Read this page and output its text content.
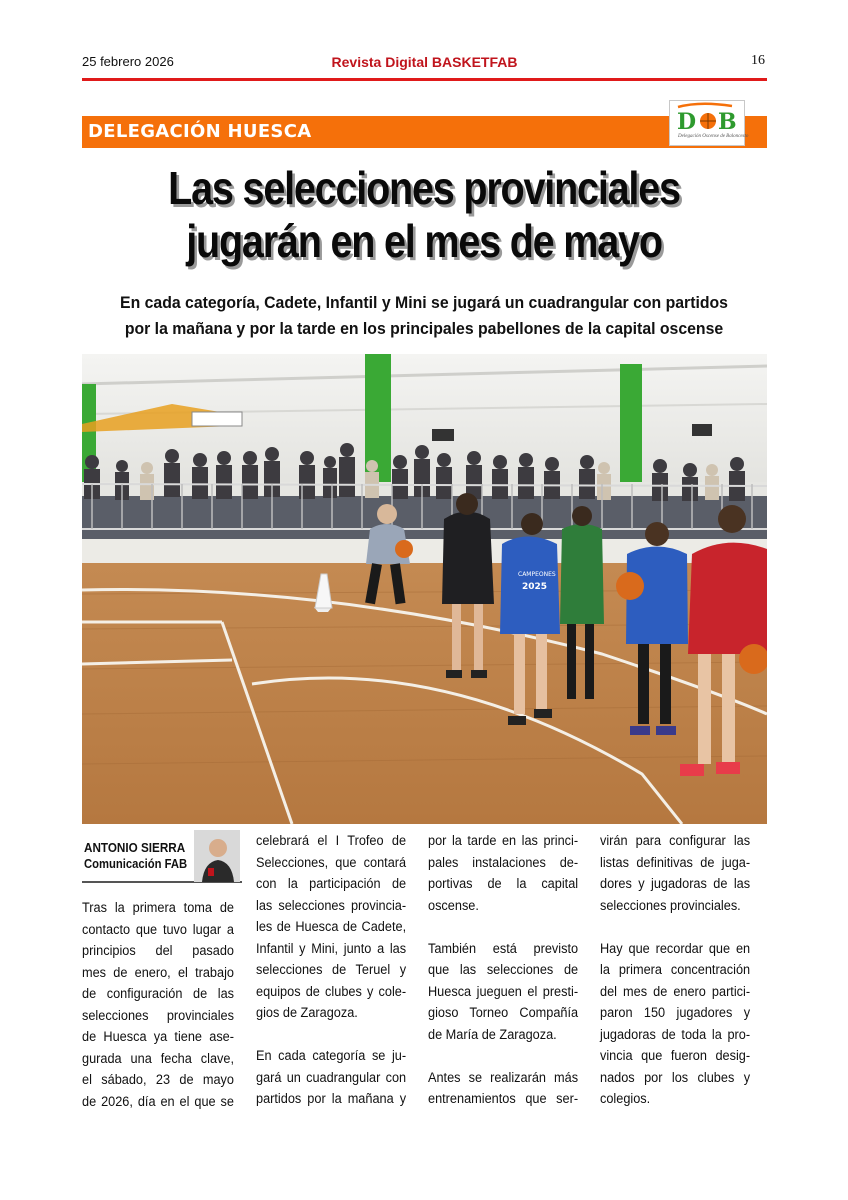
25 febrero 2026	Revista Digital BASKETFAB	16
DELEGACIÓN HUESCA	D B
Delegación Oscense de Baloncesto
Las selecciones provinciales
jugarán en el mes de mayo
En cada categoría, Cadete, Infantil y Mini se jugará un cuadrangular con partidos
por la mañana y por la tarde en los principales pabellones de la capital oscense
CAMPEONES
2025
ANTONIO SIERRA
Comunicación FAB
Tras la primera toma de
contacto que tuvo lugar a
principios del pasado
mes de enero, el trabajo
de configuración de las
selecciones provinciales
de Huesca ya tiene ase-
gurada una fecha clave,
el sábado, 23 de mayo
de 2026, día en el que se
celebrará el I Trofeo de
Selecciones, que contará
con la participación de
las selecciones provincia-
les de Huesca de Cadete,
Infantil y Mini, junto a las
selecciones de Teruel y
equipos de clubes y cole-
gios de Zaragoza.
En cada categoría se ju-
gará un cuadrangular con
partidos por la mañana y
por la tarde en las princi-
pales instalaciones de-
portivas de la capital
oscense.
También está previsto
que las selecciones de
Huesca jueguen el presti-
gioso Torneo Compañía
de María de Zaragoza.
Antes se realizarán más
entrenamientos que ser-
virán para configurar las
listas definitivas de juga-
dores y jugadoras de las
selecciones provinciales.
Hay que recordar que en
la primera concentración
del mes de enero partici-
paron 150 jugadores y
jugadoras de toda la pro-
vincia que fueron desig-
nados por los clubes y
colegios.
